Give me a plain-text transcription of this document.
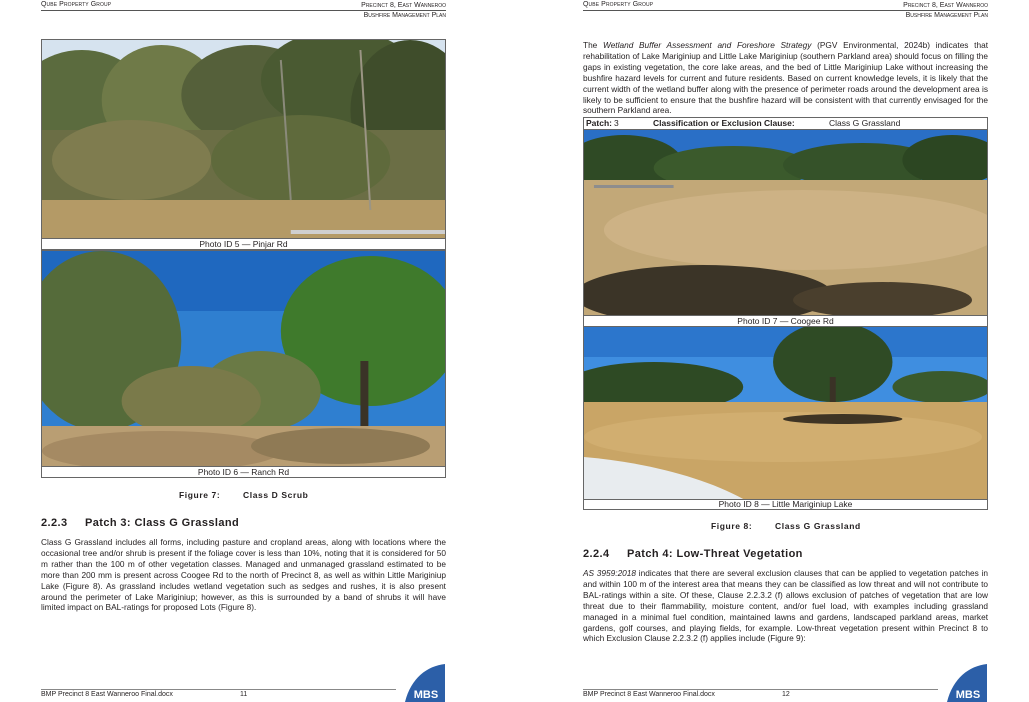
Qube Property Group	Precinct 8, East Wanneroo
Bushfire Management Plan
Photo ID 5 — Pinjar Rd
Photo ID 6 — Ranch Rd
Figure 7:	Class D Scrub
2.2.3 Patch 3: Class G Grassland
Class G Grassland includes all forms, including pasture and cropland areas, along with locations where the occasional tree and/or shrub is present if the foliage cover is less than 10%, noting that it is considered for 50 m rather than the 100 m of other vegetation classes. Managed and unmanaged grassland estimated to be more than 200 mm is present across Coogee Rd to the north of Precinct 8, as well as within Little Mariginiup Lake (Figure 8). As grassland includes wetland vegetation such as sedges and rushes, it is also present around the perimeter of Lake Mariginiup; however, as this is surrounded by a band of shrubs it will have limited impact on BAL-ratings for proposed Lots (Figure 8).
BMP Precinct 8 East Wanneroo Final.docx	11	MBS
Qube Property Group	Precinct 8, East Wanneroo
Bushfire Management Plan
The Wetland Buffer Assessment and Foreshore Strategy (PGV Environmental, 2024b) indicates that rehabilitation of Lake Mariginiup and Little Lake Mariginiup (southern Parkland area) should focus on filling the gaps in existing vegetation, the core lake areas, and the bed of Little Mariginiup Lake without increasing the bushfire hazard levels for current and future residents. Based on current knowledge levels, it is likely that the current width of the wetland buffer along with the presence of perimeter roads around the development area is likely to be sufficient to ensure that the bushfire hazard will be consistent with that currently envisaged for the southern Parkland area.
Patch: 3	Classification or Exclusion Clause:	Class G Grassland
Photo ID 7 — Coogee Rd
Photo ID 8 — Little Mariginiup Lake
Figure 8:	Class G Grassland
2.2.4 Patch 4: Low-Threat Vegetation
AS 3959:2018 indicates that there are several exclusion clauses that can be applied to vegetation patches in and within 100 m of the interest area that means they can be classified as low threat and will not contribute to BAL-ratings within a site. Of these, Clause 2.2.3.2 (f) allows exclusion of patches of vegetation that are low threat due to their flammability, moisture content, and/or fuel load, with examples including grassland managed in a minimal fuel condition, maintained lawns and gardens, landscaped parkland areas, market gardens, golf courses, and playing fields, for example. Low-threat vegetation present within Precinct 8 to which Exclusion Clause 2.2.3.2 (f) applies include (Figure 9):
BMP Precinct 8 East Wanneroo Final.docx	12	MBS
